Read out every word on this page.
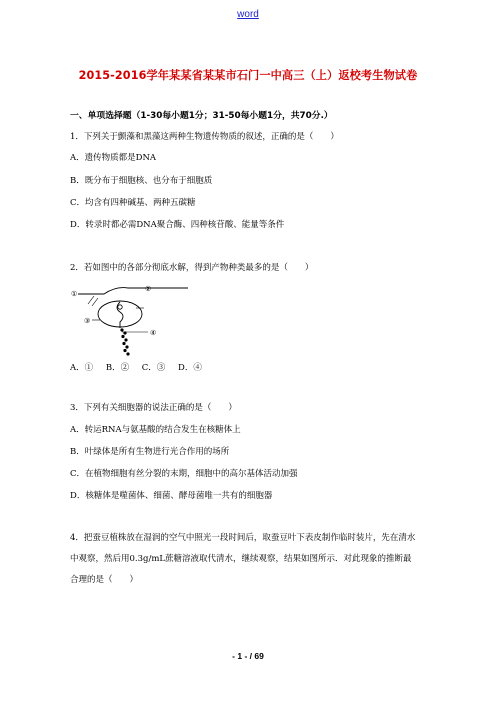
word
2015-2016学年某某省某某市石门一中高三（上）返校考生物试卷
一、单项选择题（1-30每小题1分；31-50每小题1分，共70分.）
1．下列关于颤藻和黑藻这两种生物遗传物质的叙述，正确的是（　　）
A．遗传物质都是DNA
B．既分布于细胞核、也分布于细胞质
C．均含有四种碱基、两种五碳糖
D．转录时都必需DNA聚合酶、四种核苷酸、能量等条件
2．若如图中的各部分彻底水解，得到产物种类最多的是（　　）
①
②
③
④
A．① B．② C．③ D．④
3．下列有关细胞器的说法正确的是（　　）
A．转运RNA与氨基酸的结合发生在核糖体上
B．叶绿体是所有生物进行光合作用的场所
C．在植物细胞有丝分裂的末期，细胞中的高尔基体活动加强
D．核糖体是噬菌体、细菌、酵母菌唯一共有的细胞器
4．把蚕豆植株放在湿润的空气中照光一段时间后，取蚕豆叶下表皮制作临时装片，先在清水
中观察，然后用0.3g/mL蔗糖溶液取代清水，继续观察，结果如图所示．对此现象的推断最
合理的是（　　）
- 1 - / 69
